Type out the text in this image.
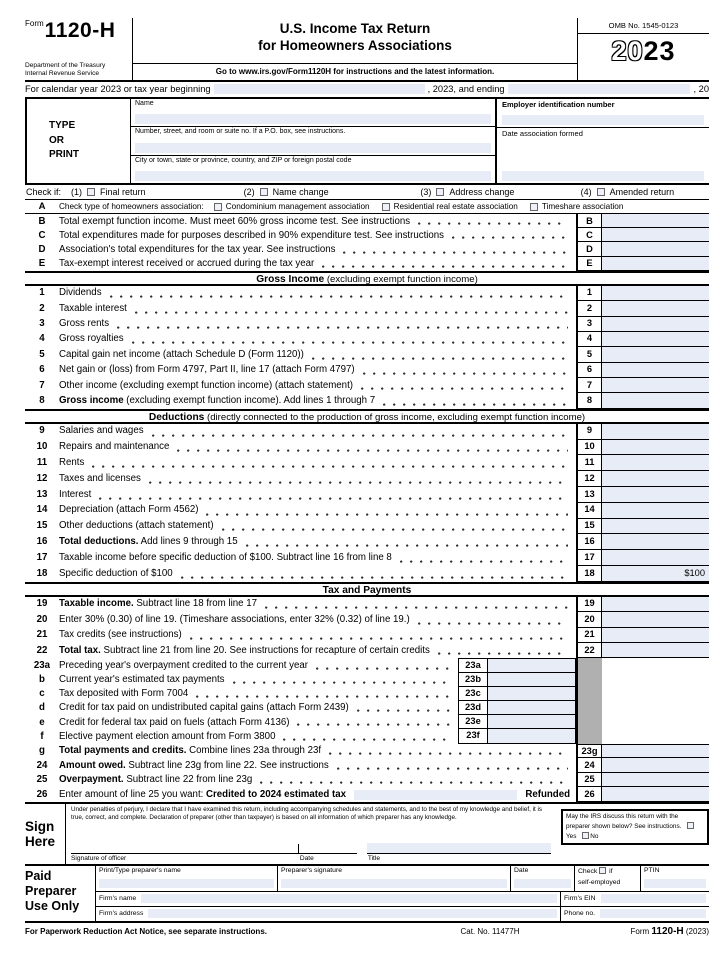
$^{Form}$1120-H
Department of the Treasury
Internal Revenue Service
U.S. Income Tax Return
for Homeowners Associations
Go to www.irs.gov/Form1120H for instructions and the latest information.
OMB No. 1545-0123
2023
For calendar year 2023 or tax year beginning	, 2023, and ending	, 20
TYPE
OR
PRINT
Name
Number, street, and room or suite no. If a P.O. box, see instructions.
City or town, state or province, country, and ZIP or foreign postal code
Employer identification number
Date association formed
Check if:	(1) Final return	(2) Name change	(3) Address change	(4) Amended return
A	Check type of homeowners association:	Condominium management association	Residential real estate association	Timeshare association
B	Total exempt function income. Must meet 60% gross income test. See instructions	B
C	Total expenditures made for purposes described in 90% expenditure test. See instructions	C
D	Association's total expenditures for the tax year. See instructions	D
E	Tax-exempt interest received or accrued during the tax year	E
Gross Income (excluding exempt function income)
1	Dividends	1
2	Taxable interest	2
3	Gross rents	3
4	Gross royalties	4
5	Capital gain net income (attach Schedule D (Form 1120))	5
6	Net gain or (loss) from Form 4797, Part II, line 17 (attach Form 4797)	6
7	Other income (excluding exempt function income) (attach statement)	7
8	Gross income (excluding exempt function income). Add lines 1 through 7	8
Deductions (directly connected to the production of gross income, excluding exempt function income)
9	Salaries and wages	9
10	Repairs and maintenance	10
11	Rents	11
12	Taxes and licenses	12
13	Interest	13
14	Depreciation (attach Form 4562)	14
15	Other deductions (attach statement)	15
16	Total deductions. Add lines 9 through 15	16
17	Taxable income before specific deduction of $100. Subtract line 16 from line 8	17
18	Specific deduction of $100	18	$100
Tax and Payments
19	Taxable income. Subtract line 18 from line 17	19
20	Enter 30% (0.30) of line 19. (Timeshare associations, enter 32% (0.32) of line 19.)	20
21	Tax credits (see instructions)	21
22	Total tax. Subtract line 21 from line 20. See instructions for recapture of certain credits	22
23a Preceding year's overpayment credited to the current year	23a
b	Current year's estimated tax payments	23b
c	Tax deposited with Form 7004	23c
d	Credit for tax paid on undistributed capital gains (attach Form 2439)	23d
e	Credit for federal tax paid on fuels (attach Form 4136)	23e
f	Elective payment election amount from Form 3800	23f
g	Total payments and credits. Combine lines 23a through 23f	23g
24	Amount owed. Subtract line 23g from line 22. See instructions	24
25	Overpayment. Subtract line 22 from line 23g	25
26	Enter amount of line 25 you want: Credited to 2024 estimated tax	Refunded	26
Sign
Here
Under penalties of perjury, I declare that I have examined this return, including accompanying schedules and statements, and to the best of my knowledge and belief, it is true, correct, and complete. Declaration of preparer (other than taxpayer) is based on all information of which preparer has any knowledge.	May the IRS discuss this return with the preparer shown below? See instructions. Yes No
Signature of officer	Date	Title
Paid
Preparer
Use Only
Print/Type preparer's name	Preparer's signature	Date	Check if
self-employed
PTIN
Firm's name	Firm's EIN
Firm's address	Phone no.
For Paperwork Reduction Act Notice, see separate instructions.	Cat. No. 11477H	Form 1120-H (2023)
